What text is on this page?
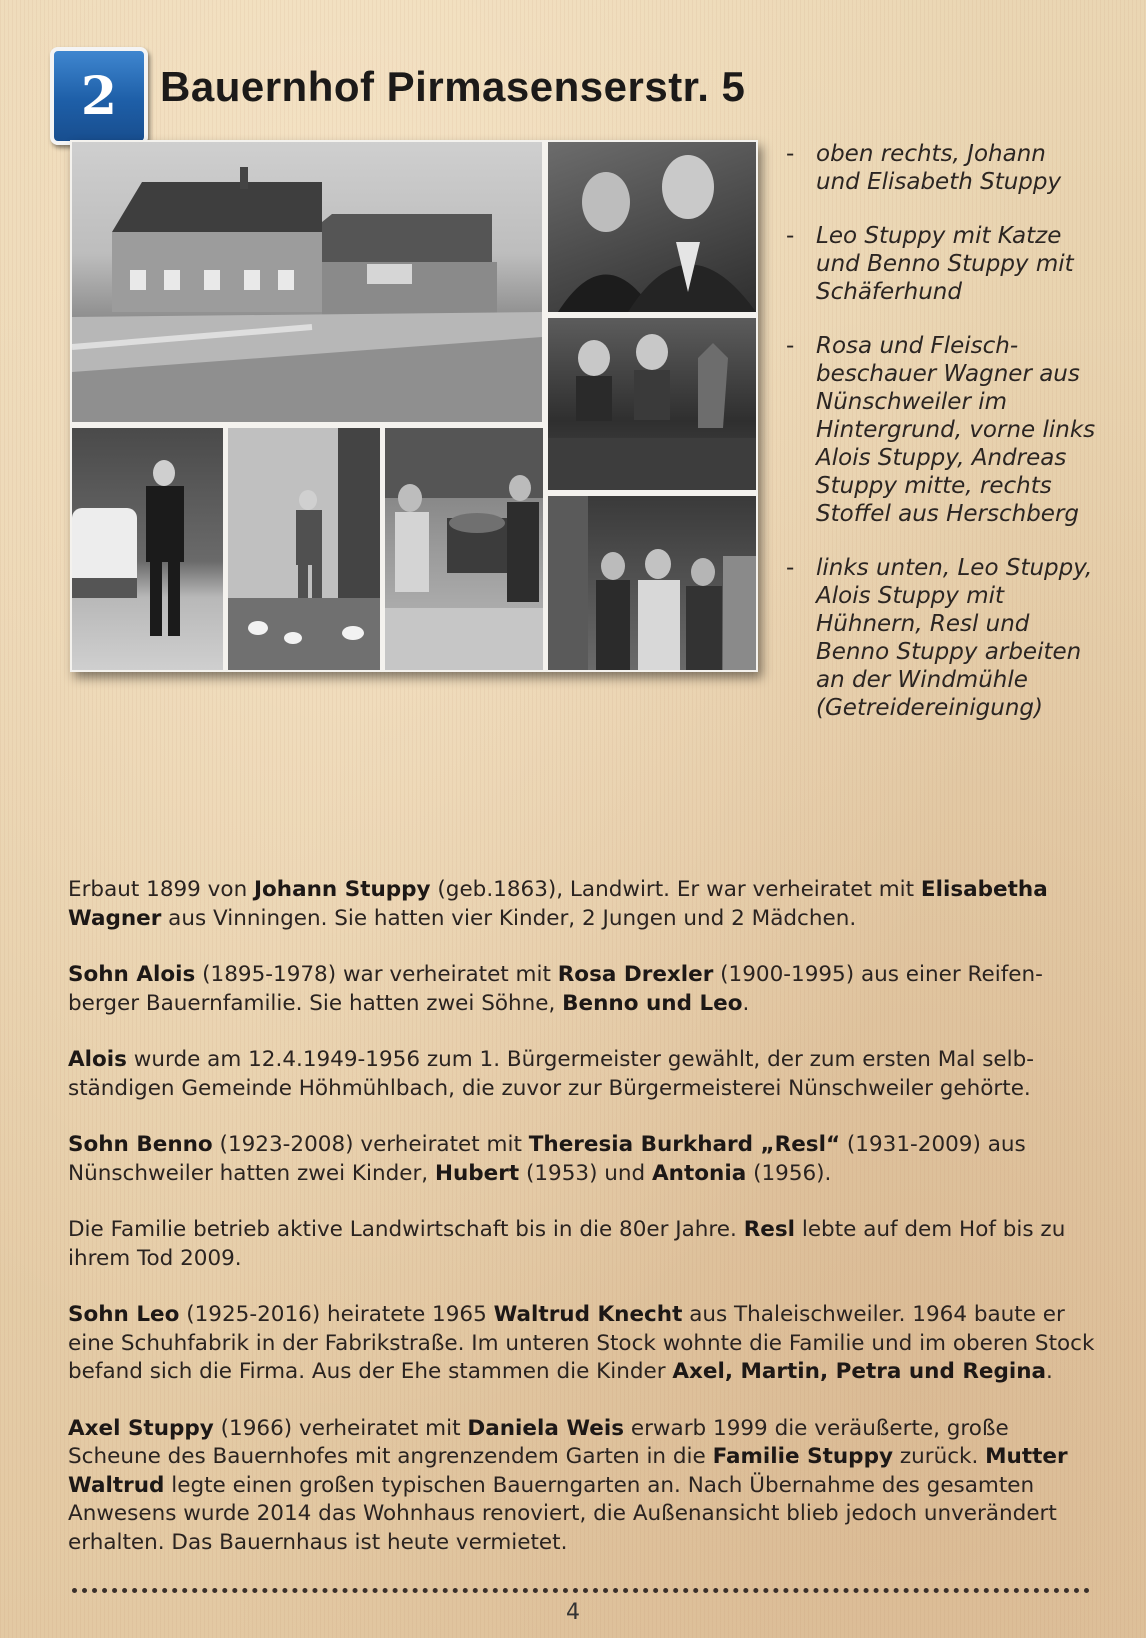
2 Bauernhof Pirmasenserstr. 5
- oben rechts, Johann und Elisabeth Stuppy
- Leo Stuppy mit Katze und Benno Stuppy mit Schäferhund
- Rosa und Fleisch-beschauer Wagner aus Nünschweiler im Hintergrund, vorne links Alois Stuppy, Andreas Stuppy mitte, rechts Stoffel aus Herschberg
- links unten, Leo Stuppy, Alois Stuppy mit Hühnern, Resl und Benno Stuppy arbeiten an der Windmühle (Getreidereinigung)

Erbaut 1899 von Johann Stuppy (geb.1863), Landwirt. Er war verheiratet mit Elisabetha Wagner aus Vinningen. Sie hatten vier Kinder, 2 Jungen und 2 Mädchen.

Sohn Alois (1895-1978) war verheiratet mit Rosa Drexler (1900-1995) aus einer Reifen-berger Bauernfamilie. Sie hatten zwei Söhne, Benno und Leo.

Alois wurde am 12.4.1949-1956 zum 1. Bürgermeister gewählt, der zum ersten Mal selb-ständigen Gemeinde Höhmühlbach, die zuvor zur Bürgermeisterei Nünschweiler gehörte.

Sohn Benno (1923-2008) verheiratet mit Theresia Burkhard „Resl“ (1931-2009) aus Nünschweiler hatten zwei Kinder, Hubert (1953) und Antonia (1956).

Die Familie betrieb aktive Landwirtschaft bis in die 80er Jahre. Resl lebte auf dem Hof bis zu ihrem Tod 2009.

Sohn Leo (1925-2016) heiratete 1965 Waltrud Knecht aus Thaleischweiler. 1964 baute er eine Schuhfabrik in der Fabrikstraße. Im unteren Stock wohnte die Familie und im oberen Stock befand sich die Firma. Aus der Ehe stammen die Kinder Axel, Martin, Petra und Regina.

Axel Stuppy (1966) verheiratet mit Daniela Weis erwarb 1999 die veräußerte, große Scheune des Bauernhofes mit angrenzendem Garten in die Familie Stuppy zurück. Mutter Waltrud legte einen großen typischen Bauerngarten an. Nach Übernahme des gesamten Anwesens wurde 2014 das Wohnhaus renoviert, die Außenansicht blieb jedoch unverändert erhalten. Das Bauernhaus ist heute vermietet.

4
